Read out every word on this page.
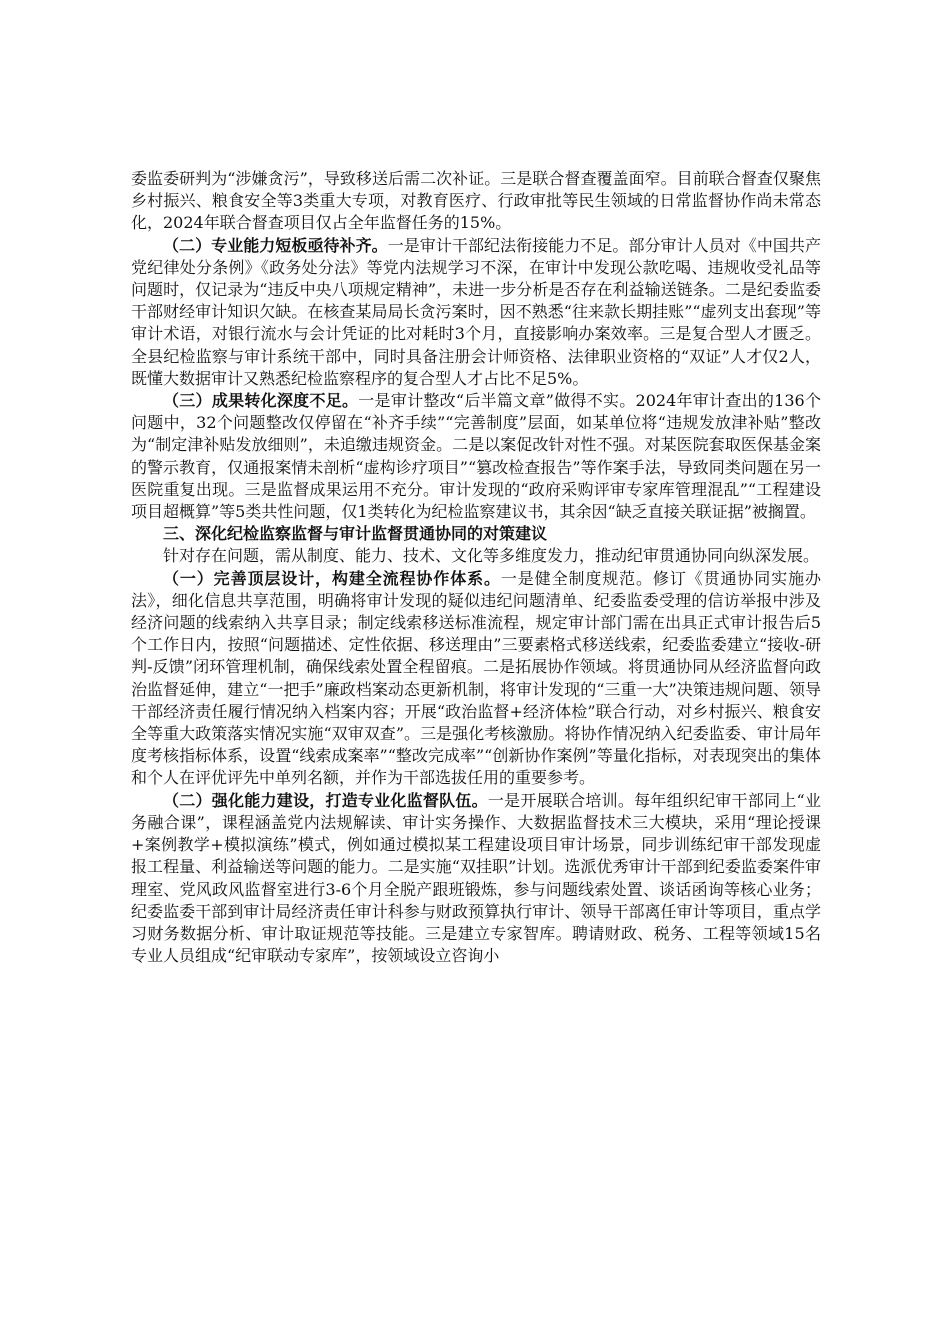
委监委研判为“涉嫌贪污”，导致移送后需二次补证。三是联合督查覆盖面窄。目前联合督查仅聚焦乡村振兴、粮食安全等3类重大专项，对教育医疗、行政审批等民生领域的日常监督协作尚未常态化，2024年联合督查项目仅占全年监督任务的15%。

（二）专业能力短板亟待补齐。一是审计干部纪法衔接能力不足。部分审计人员对《中国共产党纪律处分条例》《政务处分法》等党内法规学习不深，在审计中发现公款吃喝、违规收受礼品等问题时，仅记录为“违反中央八项规定精神”，未进一步分析是否存在利益输送链条。二是纪委监委干部财经审计知识欠缺。在核查某局局长贪污案时，因不熟悉“往来款长期挂账”“虚列支出套现”等审计术语，对银行流水与会计凭证的比对耗时3个月，直接影响办案效率。三是复合型人才匮乏。全县纪检监察与审计系统干部中，同时具备注册会计师资格、法律职业资格的“双证”人才仅2人，既懂大数据审计又熟悉纪检监察程序的复合型人才占比不足5%。

（三）成果转化深度不足。一是审计整改“后半篇文章”做得不实。2024年审计查出的136个问题中，32个问题整改仅停留在“补齐手续”“完善制度”层面，如某单位将“违规发放津补贴”整改为“制定津补贴发放细则”，未追缴违规资金。二是以案促改针对性不强。对某医院套取医保基金案的警示教育，仅通报案情未剖析“虚构诊疗项目”“篡改检查报告”等作案手法，导致同类问题在另一医院重复出现。三是监督成果运用不充分。审计发现的“政府采购评审专家库管理混乱”“工程建设项目超概算”等5类共性问题，仅1类转化为纪检监察建议书，其余因“缺乏直接关联证据”被搁置。

三、深化纪检监察监督与审计监督贯通协同的对策建议

针对存在问题，需从制度、能力、技术、文化等多维度发力，推动纪审贯通协同向纵深发展。

（一）完善顶层设计，构建全流程协作体系。一是健全制度规范。修订《贯通协同实施办法》，细化信息共享范围，明确将审计发现的疑似违纪问题清单、纪委监委受理的信访举报中涉及经济问题的线索纳入共享目录；制定线索移送标准流程，规定审计部门需在出具正式审计报告后5个工作日内，按照“问题描述、定性依据、移送理由”三要素格式移送线索，纪委监委建立“接收-研判-反馈”闭环管理机制，确保线索处置全程留痕。二是拓展协作领域。将贯通协同从经济监督向政治监督延伸，建立“一把手”廉政档案动态更新机制，将审计发现的“三重一大”决策违规问题、领导干部经济责任履行情况纳入档案内容；开展“政治监督+经济体检”联合行动，对乡村振兴、粮食安全等重大政策落实情况实施“双审双查”。三是强化考核激励。将协作情况纳入纪委监委、审计局年度考核指标体系，设置“线索成案率”“整改完成率”“创新协作案例”等量化指标，对表现突出的集体和个人在评优评先中单列名额，并作为干部选拔任用的重要参考。

（二）强化能力建设，打造专业化监督队伍。一是开展联合培训。每年组织纪审干部同上“业务融合课”，课程涵盖党内法规解读、审计实务操作、大数据监督技术三大模块，采用“理论授课+案例教学+模拟演练”模式，例如通过模拟某工程建设项目审计场景，同步训练纪审干部发现虚报工程量、利益输送等问题的能力。二是实施“双挂职”计划。选派优秀审计干部到纪委监委案件审理室、党风政风监督室进行3-6个月全脱产跟班锻炼，参与问题线索处置、谈话函询等核心业务；纪委监委干部到审计局经济责任审计科参与财政预算执行审计、领导干部离任审计等项目，重点学习财务数据分析、审计取证规范等技能。三是建立专家智库。聘请财政、税务、工程等领域15名专业人员组成“纪审联动专家库”，按领域设立咨询小
